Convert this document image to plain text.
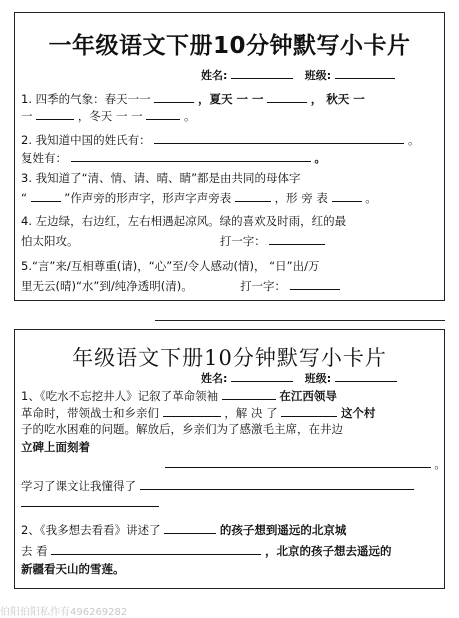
一年级语文下册10分钟默写小卡片
姓名:	班级:
1. 四季的气象：春天一一	，夏天 一 一	， 秋天 一
一	，冬天 一 一	。
2. 我知道中国的姓氏有：	。
复姓有：	。
3. 我知道了“清、情、请、晴、睛”都是由共同的母体字
“	”作声旁的形声字，形声字声旁表	，形 旁 表	。
4. 左边绿，右边红，左右相遇起凉风。绿的喜欢及时雨，红的最
怕太阳攻。	打一字：
5.“言”来/互相尊重(请)，“心”至/令人感动(情)， “日”出/万
里无云(晴)“水”到/纯净透明(清)。	打一字：
年级语文下册10分钟默写小卡片
姓名:	班级:
1、《吃水不忘挖井人》记叙了革命领袖	在江西领导
革命时，带领战士和乡亲们	，解 决 了	这个村
子的吃水困难的问题。解放后，乡亲们为了感激毛主席，在井边
立碑上面刻着
。
学习了课文让我懂得了
2、《我多想去看看》讲述了	的孩子想到遥远的北京城
去 看	，北京的孩子想去遥远的
新疆看天山的雪莲。
伯阳伯阳私作有496269282
